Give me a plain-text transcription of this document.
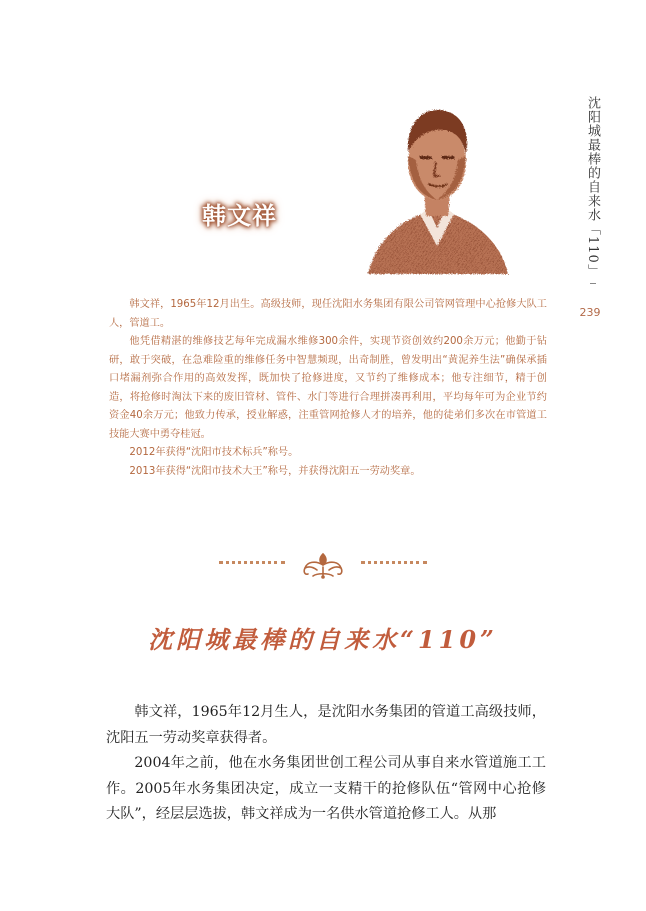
韩文祥	沈阳城最棒的自来水「110」
239

韩文祥，1965年12月出生。高级技师，现任沈阳水务集团有限公司管网管理中心抢修大队工人，管道工。

他凭借精湛的维修技艺每年完成漏水维修300余件，实现节资创效约200余万元；他勤于钻研，敢于突破，在急难险重的维修任务中智慧频现，出奇制胜，曾发明出“黄泥养生法”确保承插口堵漏剂弥合作用的高效发挥，既加快了抢修进度，又节约了维修成本；他专注细节，精于创造，将抢修时淘汰下来的废旧管材、管件、水门等进行合理拼凑再利用，平均每年可为企业节约资金40余万元；他致力传承，授业解惑，注重管网抢修人才的培养，他的徒弟们多次在市管道工技能大赛中勇夺桂冠。

2012年获得“沈阳市技术标兵”称号。

2013年获得“沈阳市技术大王”称号，并获得沈阳五一劳动奖章。

沈阳城最棒的自来水“110”

韩文祥，1965年12月生人，是沈阳水务集团的管道工高级技师，沈阳五一劳动奖章获得者。

2004年之前，他在水务集团世创工程公司从事自来水管道施工工作。2005年水务集团决定，成立一支精干的抢修队伍“管网中心抢修大队”，经层层选拔，韩文祥成为一名供水管道抢修工人。从那
